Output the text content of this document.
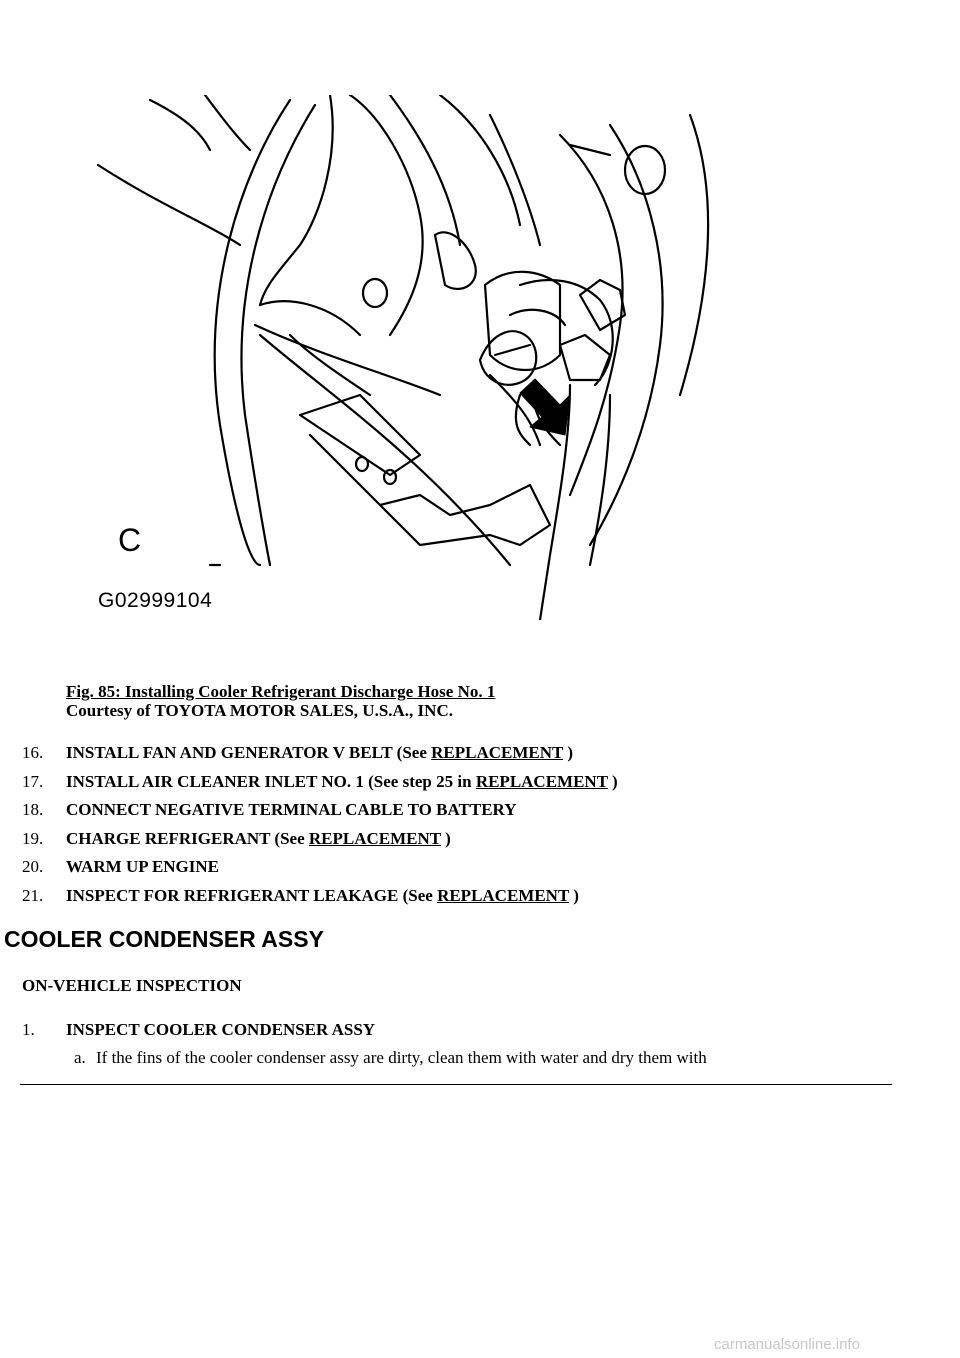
C
G02999104
Fig. 85: Installing Cooler Refrigerant Discharge Hose No. 1
Courtesy of TOYOTA MOTOR SALES, U.S.A., INC.
16.	INSTALL FAN AND GENERATOR V BELT (See REPLACEMENT )
17.	INSTALL AIR CLEANER INLET NO. 1 (See step 25 in REPLACEMENT )
18.	CONNECT NEGATIVE TERMINAL CABLE TO BATTERY
19.	CHARGE REFRIGERANT (See REPLACEMENT )
20.	WARM UP ENGINE
21.	INSPECT FOR REFRIGERANT LEAKAGE (See REPLACEMENT )
COOLER CONDENSER ASSY
ON-VEHICLE INSPECTION
1. INSPECT COOLER CONDENSER ASSY
a. If the fins of the cooler condenser assy are dirty, clean them with water and dry them with
carmanualsonline.info
